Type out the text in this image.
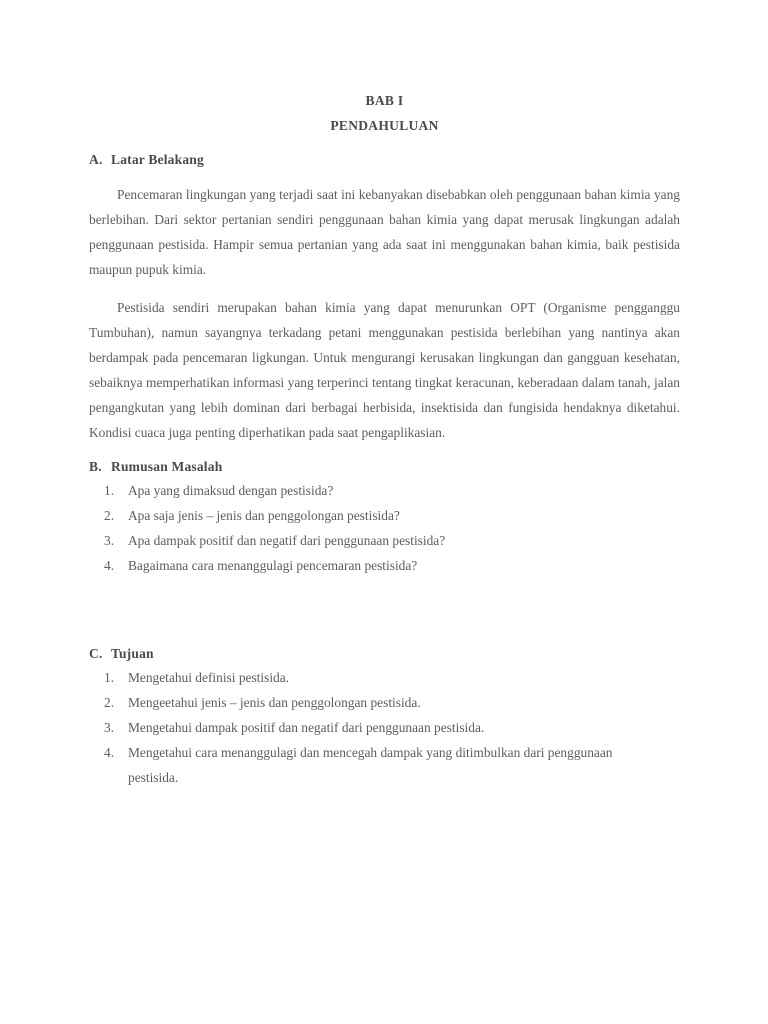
BAB I
PENDAHULUAN
A. Latar Belakang

Pencemaran lingkungan yang terjadi saat ini kebanyakan disebabkan oleh penggunaan bahan kimia yang berlebihan. Dari sektor pertanian sendiri penggunaan bahan kimia yang dapat merusak lingkungan adalah penggunaan pestisida. Hampir semua pertanian yang ada saat ini menggunakan bahan kimia, baik pestisida maupun pupuk kimia.

Pestisida sendiri merupakan bahan kimia yang dapat menurunkan OPT (Organisme pengganggu Tumbuhan), namun sayangnya terkadang petani menggunakan pestisida berlebihan yang nantinya akan berdampak pada pencemaran ligkungan. Untuk mengurangi kerusakan lingkungan dan gangguan kesehatan, sebaiknya memperhatikan informasi yang terperinci tentang tingkat keracunan, keberadaan dalam tanah, jalan pengangkutan yang lebih dominan dari berbagai herbisida, insektisida dan fungisida hendaknya diketahui. Kondisi cuaca juga penting diperhatikan pada saat pengaplikasian.

B. Rumusan Masalah
1.	Apa yang dimaksud dengan pestisida?
2.	Apa saja jenis – jenis dan penggolongan pestisida?
3.	Apa dampak positif dan negatif dari penggunaan pestisida?
4.	Bagaimana cara menanggulagi pencemaran pestisida?
C. Tujuan
1.	Mengetahui definisi pestisida.
2.	Mengeetahui jenis – jenis dan penggolongan pestisida.
3.	Mengetahui dampak positif dan negatif dari penggunaan pestisida.
4.	Mengetahui cara menanggulagi dan mencegah dampak yang ditimbulkan dari penggunaan pestisida.
